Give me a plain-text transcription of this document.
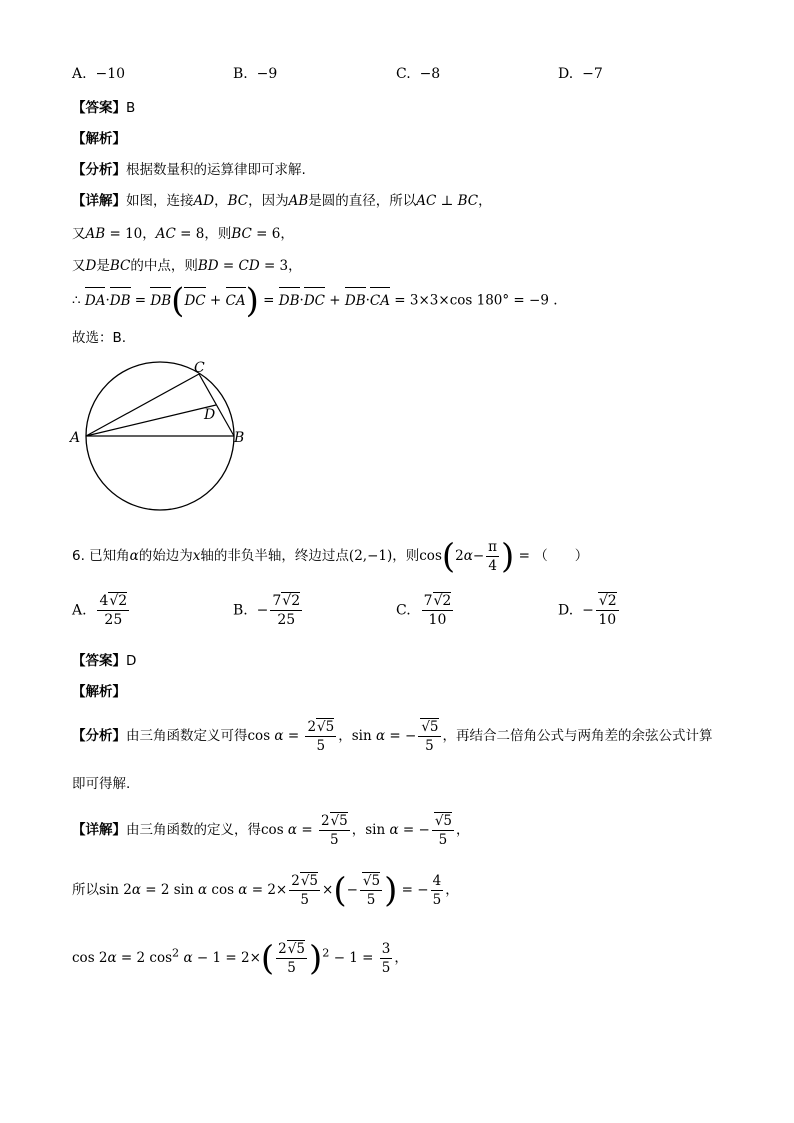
A. −10	B. −9	C. −8	D. −7
【答案】B
【解析】
【分析】根据数量积的运算律即可求解.
【详解】如图，连接AD，BC，因为AB是圆的直径，所以AC ⊥ BC，
又AB = 10，AC = 8，则BC = 6，
又D是BC的中点，则BD = CD = 3，
∴ DA·DB = DB(DC + CA) = DB·DC + DB·CA = 3×3×cos 180° = −9 .
故选：B.
A	B
C
D
6. 已知角α的始边为x轴的非负半轴，终边过点(2,−1)，则$\cos(2\alpha- \frac{\pi}{4}$ ) = （　　）
A. $\frac{4√2}{25}$	B.  − $\frac{7√2}{25}$	C. $\frac{7√2}{10}$	D.  − $\frac{√2}{10}$
【答案】D
【解析】
【分析】由三角函数定义可得$\cos \alpha = \frac{2√5}{5}$ ，sin α = − $\frac{√5}{5}$ ，再结合二倍角公式与两角差的余弦公式计算
即可得解.
【详解】由三角函数的定义，得$\cos \alpha = \frac{2√5}{5}$ ，sin α = − $\frac{√5}{5}$ ，
所以sin 2α = 2 sin α $\cos \alpha = 2\times \frac{2√5}{5}$ ×(− $\frac{√5}{5}$ ) = − $\frac{4}{5}$ ，
cos 2α = 2 $\cos^2 \alpha - 1 = 2\times( \frac{2√5}{5} )^2 - 1 = \frac{3}{5}$ ，
